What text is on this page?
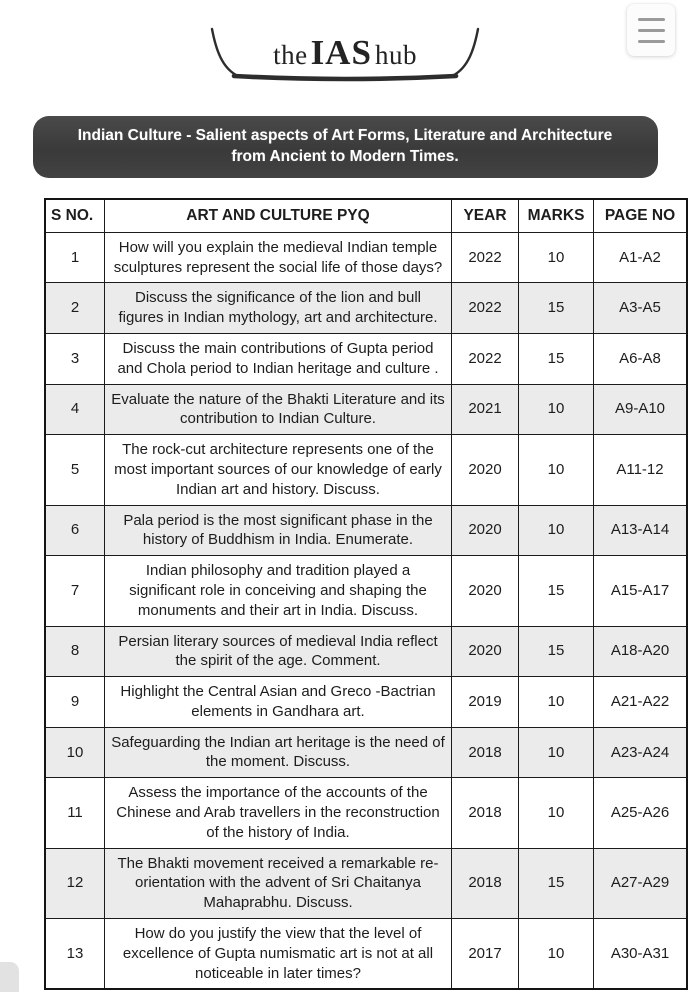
theIAS hub
Indian Culture - Salient aspects of Art Forms, Literature and Architecture
from Ancient to Modern Times.
S NO.	ART AND CULTURE PYQ	YEAR	MARKS	PAGE NO
1	How will you explain the medieval Indian temple sculptures represent the social life of those days?	2022	10	A1-A2
2	Discuss the significance of the lion and bull figures in Indian mythology, art and architecture.	2022	15	A3-A5
3	Discuss the main contributions of Gupta period and Chola period to Indian heritage and culture .	2022	15	A6-A8
4	Evaluate the nature of the Bhakti Literature and its contribution to Indian Culture.	2021	10	A9-A10
5	The rock-cut architecture represents one of the most important sources of our knowledge of early Indian art and history. Discuss.	2020	10	A11-12
6	Pala period is the most significant phase in the history of Buddhism in India. Enumerate.	2020	10	A13-A14
7	Indian philosophy and tradition played a significant role in conceiving and shaping the monuments and their art in India. Discuss.	2020	15	A15-A17
8	Persian literary sources of medieval India reflect the spirit of the age. Comment.	2020	15	A18-A20
9	Highlight the Central Asian and Greco -Bactrian elements in Gandhara art.	2019	10	A21-A22
10	Safeguarding the Indian art heritage is the need of the moment. Discuss.	2018	10	A23-A24
11	Assess the importance of the accounts of the Chinese and Arab travellers in the reconstruction of the history of India.	2018	10	A25-A26
12	The Bhakti movement received a remarkable re-orientation with the advent of Sri Chaitanya Mahaprabhu. Discuss.	2018	15	A27-A29
13	How do you justify the view that the level of excellence of Gupta numismatic art is not at all noticeable in later times?	2017	10	A30-A31
